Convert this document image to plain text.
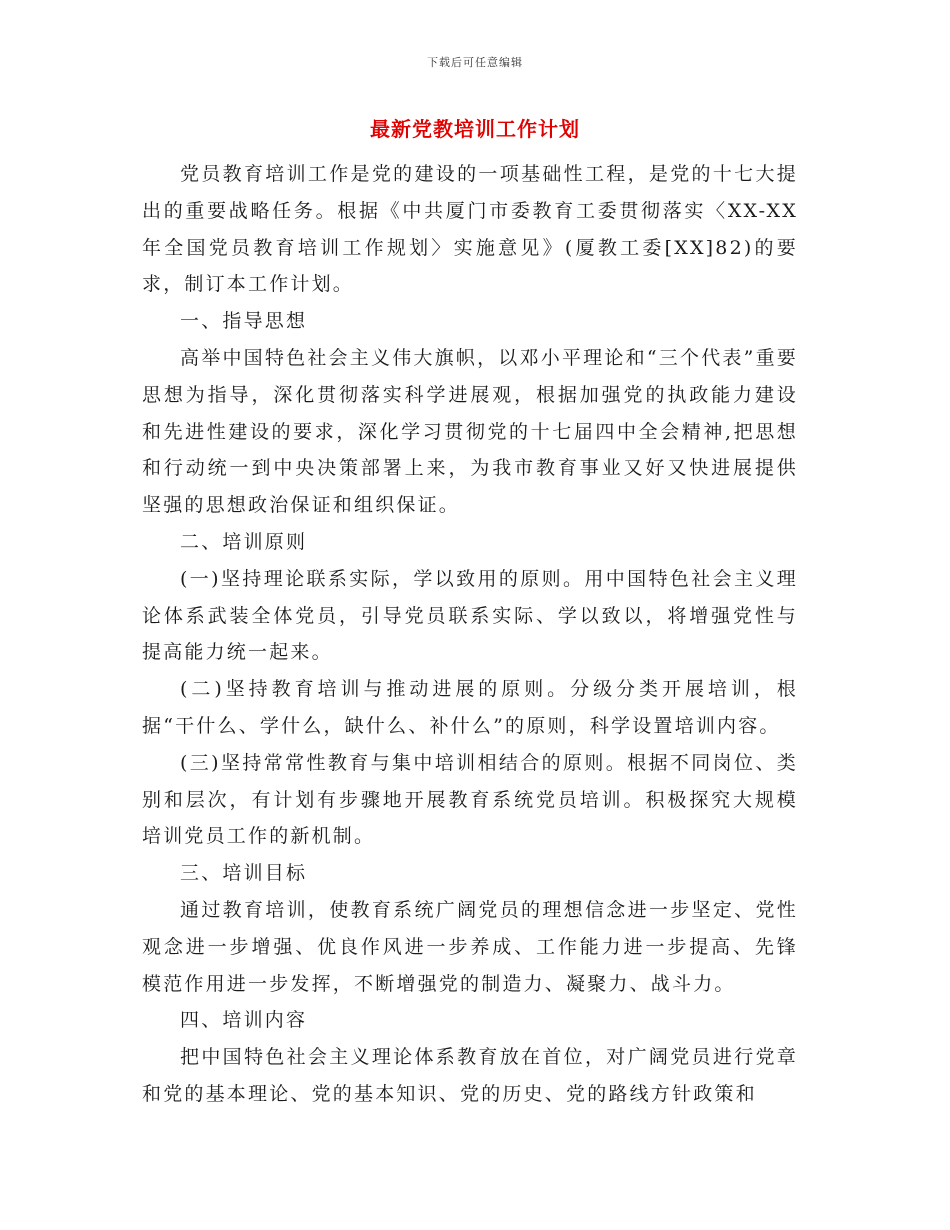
下载后可任意编辑
最新党教培训工作计划

党员教育培训工作是党的建设的一项基础性工程，是党的十七大提出的重要战略任务。根据《中共厦门市委教育工委贯彻落实〈XX-XX年全国党员教育培训工作规划〉实施意见》(厦教工委[XX]82)的要求，制订本工作计划。

一、指导思想

高举中国特色社会主义伟大旗帜，以邓小平理论和“三个代表”重要思想为指导，深化贯彻落实科学进展观，根据加强党的执政能力建设和先进性建设的要求，深化学习贯彻党的十七届四中全会精神,把思想和行动统一到中央决策部署上来，为我市教育事业又好又快进展提供坚强的思想政治保证和组织保证。

二、培训原则

(一)坚持理论联系实际，学以致用的原则。用中国特色社会主义理论体系武装全体党员，引导党员联系实际、学以致以，将增强党性与提高能力统一起来。

(二)坚持教育培训与推动进展的原则。分级分类开展培训，根据“干什么、学什么，缺什么、补什么”的原则，科学设置培训内容。

(三)坚持常常性教育与集中培训相结合的原则。根据不同岗位、类别和层次，有计划有步骤地开展教育系统党员培训。积极探究大规模培训党员工作的新机制。

三、培训目标

通过教育培训，使教育系统广阔党员的理想信念进一步坚定、党性观念进一步增强、优良作风进一步养成、工作能力进一步提高、先锋模范作用进一步发挥，不断增强党的制造力、凝聚力、战斗力。

四、培训内容

把中国特色社会主义理论体系教育放在首位，对广阔党员进行党章和党的基本理论、党的基本知识、党的历史、党的路线方针政策和
